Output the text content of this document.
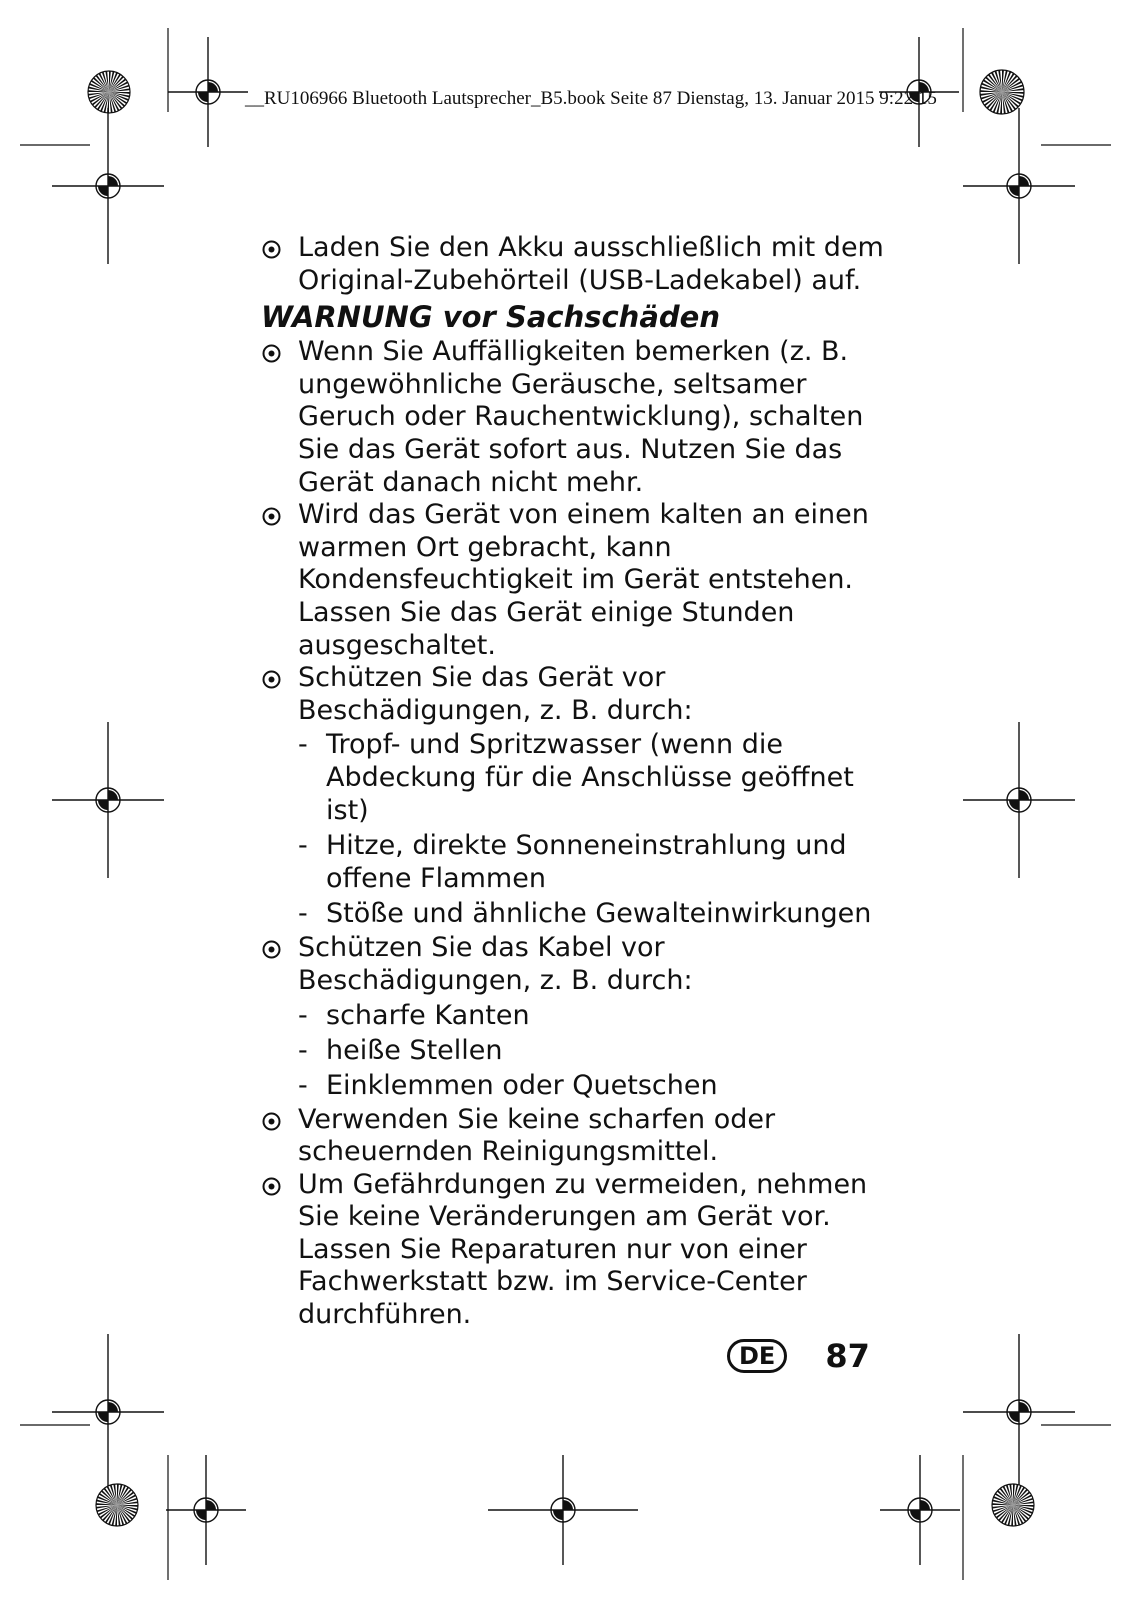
__RU106966 Bluetooth Lautsprecher_B5.book Seite 87 Dienstag, 13. Januar 2015 9:22 15
Laden Sie den Akku ausschließlich mit dem Original-Zubehörteil (USB-Ladekabel) auf.
WARNUNG vor Sachschäden
Wenn Sie Auffälligkeiten bemerken (z. B. ungewöhnliche Geräusche, seltsamer Geruch oder Rauchentwicklung), schalten Sie das Gerät sofort aus. Nutzen Sie das Gerät danach nicht mehr.
Wird das Gerät von einem kalten an einen warmen Ort gebracht, kann Kondensfeuchtigkeit im Gerät entstehen. Lassen Sie das Gerät einige Stunden ausgeschaltet.
Schützen Sie das Gerät vor Beschädigungen, z. B. durch:
- Tropf- und Spritzwasser (wenn die Abdeckung für die Anschlüsse geöffnet ist)
- Hitze, direkte Sonneneinstrahlung und offene Flammen
- Stöße und ähnliche Gewalteinwirkungen
Schützen Sie das Kabel vor Beschädigungen, z. B. durch:
- scharfe Kanten
- heiße Stellen
- Einklemmen oder Quetschen
Verwenden Sie keine scharfen oder scheuernden Reinigungsmittel.
Um Gefährdungen zu vermeiden, nehmen Sie keine Veränderungen am Gerät vor. Lassen Sie Reparaturen nur von einer Fachwerkstatt bzw. im Service-Center durchführen.
DE	87
